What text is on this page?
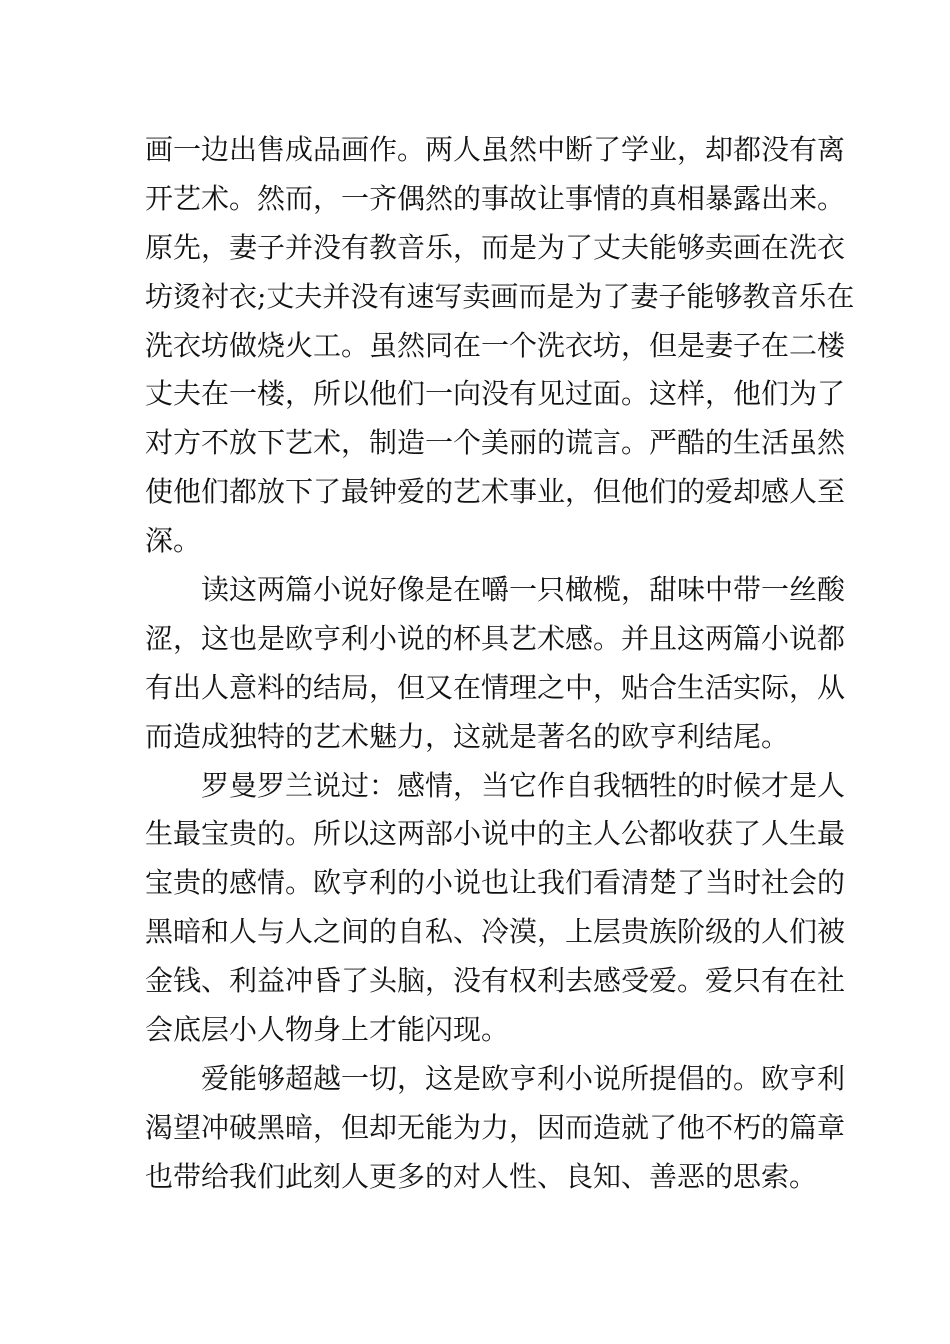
画一边出售成品画作。两人虽然中断了学业，却都没有离
开艺术。然而，一齐偶然的事故让事情的真相暴露出来。
原先，妻子并没有教音乐，而是为了丈夫能够卖画在洗衣
坊烫衬衣;丈夫并没有速写卖画而是为了妻子能够教音乐在
洗衣坊做烧火工。虽然同在一个洗衣坊，但是妻子在二楼
丈夫在一楼，所以他们一向没有见过面。这样，他们为了
对方不放下艺术，制造一个美丽的谎言。严酷的生活虽然
使他们都放下了最钟爱的艺术事业，但他们的爱却感人至
深。
读这两篇小说好像是在嚼一只橄榄，甜味中带一丝酸
涩，这也是欧亨利小说的杯具艺术感。并且这两篇小说都
有出人意料的结局，但又在情理之中，贴合生活实际，从
而造成独特的艺术魅力，这就是著名的欧亨利结尾。
罗曼罗兰说过：感情，当它作自我牺牲的时候才是人
生最宝贵的。所以这两部小说中的主人公都收获了人生最
宝贵的感情。欧亨利的小说也让我们看清楚了当时社会的
黑暗和人与人之间的自私、冷漠，上层贵族阶级的人们被
金钱、利益冲昏了头脑，没有权利去感受爱。爱只有在社
会底层小人物身上才能闪现。
爱能够超越一切，这是欧亨利小说所提倡的。欧亨利
渴望冲破黑暗，但却无能为力，因而造就了他不朽的篇章
也带给我们此刻人更多的对人性、良知、善恶的思索。
